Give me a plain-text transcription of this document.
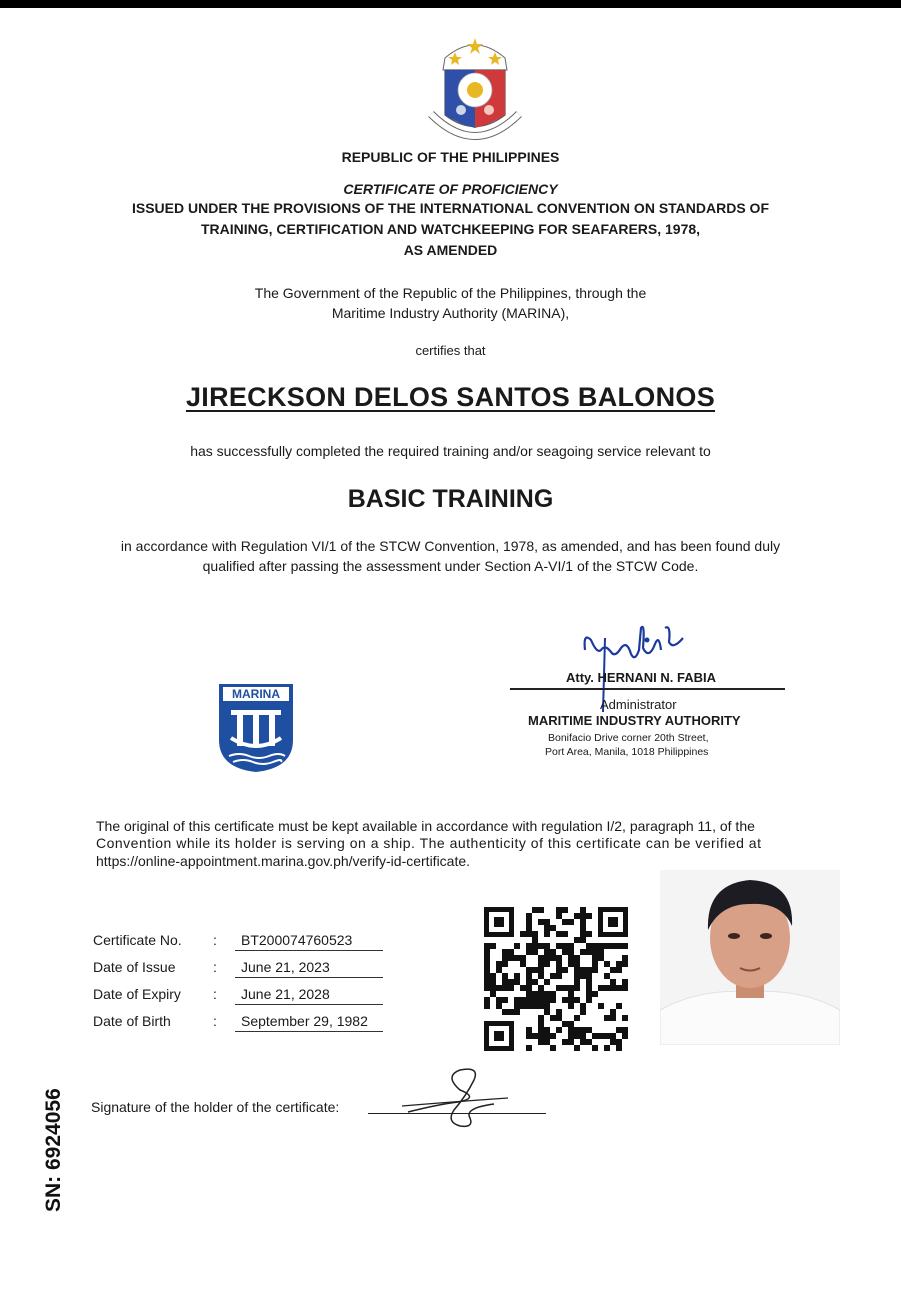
REPUBLIC OF THE PHILIPPINES
CERTIFICATE OF PROFICIENCY
ISSUED UNDER THE PROVISIONS OF THE INTERNATIONAL CONVENTION ON STANDARDS OF
TRAINING, CERTIFICATION AND WATCHKEEPING FOR SEAFARERS, 1978,
AS AMENDED
The Government of the Republic of the Philippines, through the
Maritime Industry Authority (MARINA),
certifies that
JIRECKSON DELOS SANTOS BALONOS
has successfully completed the required training and/or seagoing service relevant to
BASIC TRAINING
in accordance with Regulation VI/1 of the STCW Convention, 1978, as amended, and has been found duly
qualified after passing the assessment under Section A-VI/1 of the STCW Code.
MARINA
Atty. HERNANI N. FABIA
Administrator
MARITIME INDUSTRY AUTHORITY
Bonifacio Drive corner 20th Street,
Port Area, Manila, 1018 Philippines
The original of this certificate must be kept available in accordance with regulation I/2, paragraph 11, of the
Convention while its holder is serving on a ship. The authenticity of this certificate can be verified at
https://online-appointment.marina.gov.ph/verify-id-certificate.
Certificate No.	:	BT200074760523
Date of Issue	:	June 21, 2023
Date of Expiry	:	June 21, 2028
Date of Birth	:	September 29, 1982
Signature of the holder of the certificate:
SN: 6924056
